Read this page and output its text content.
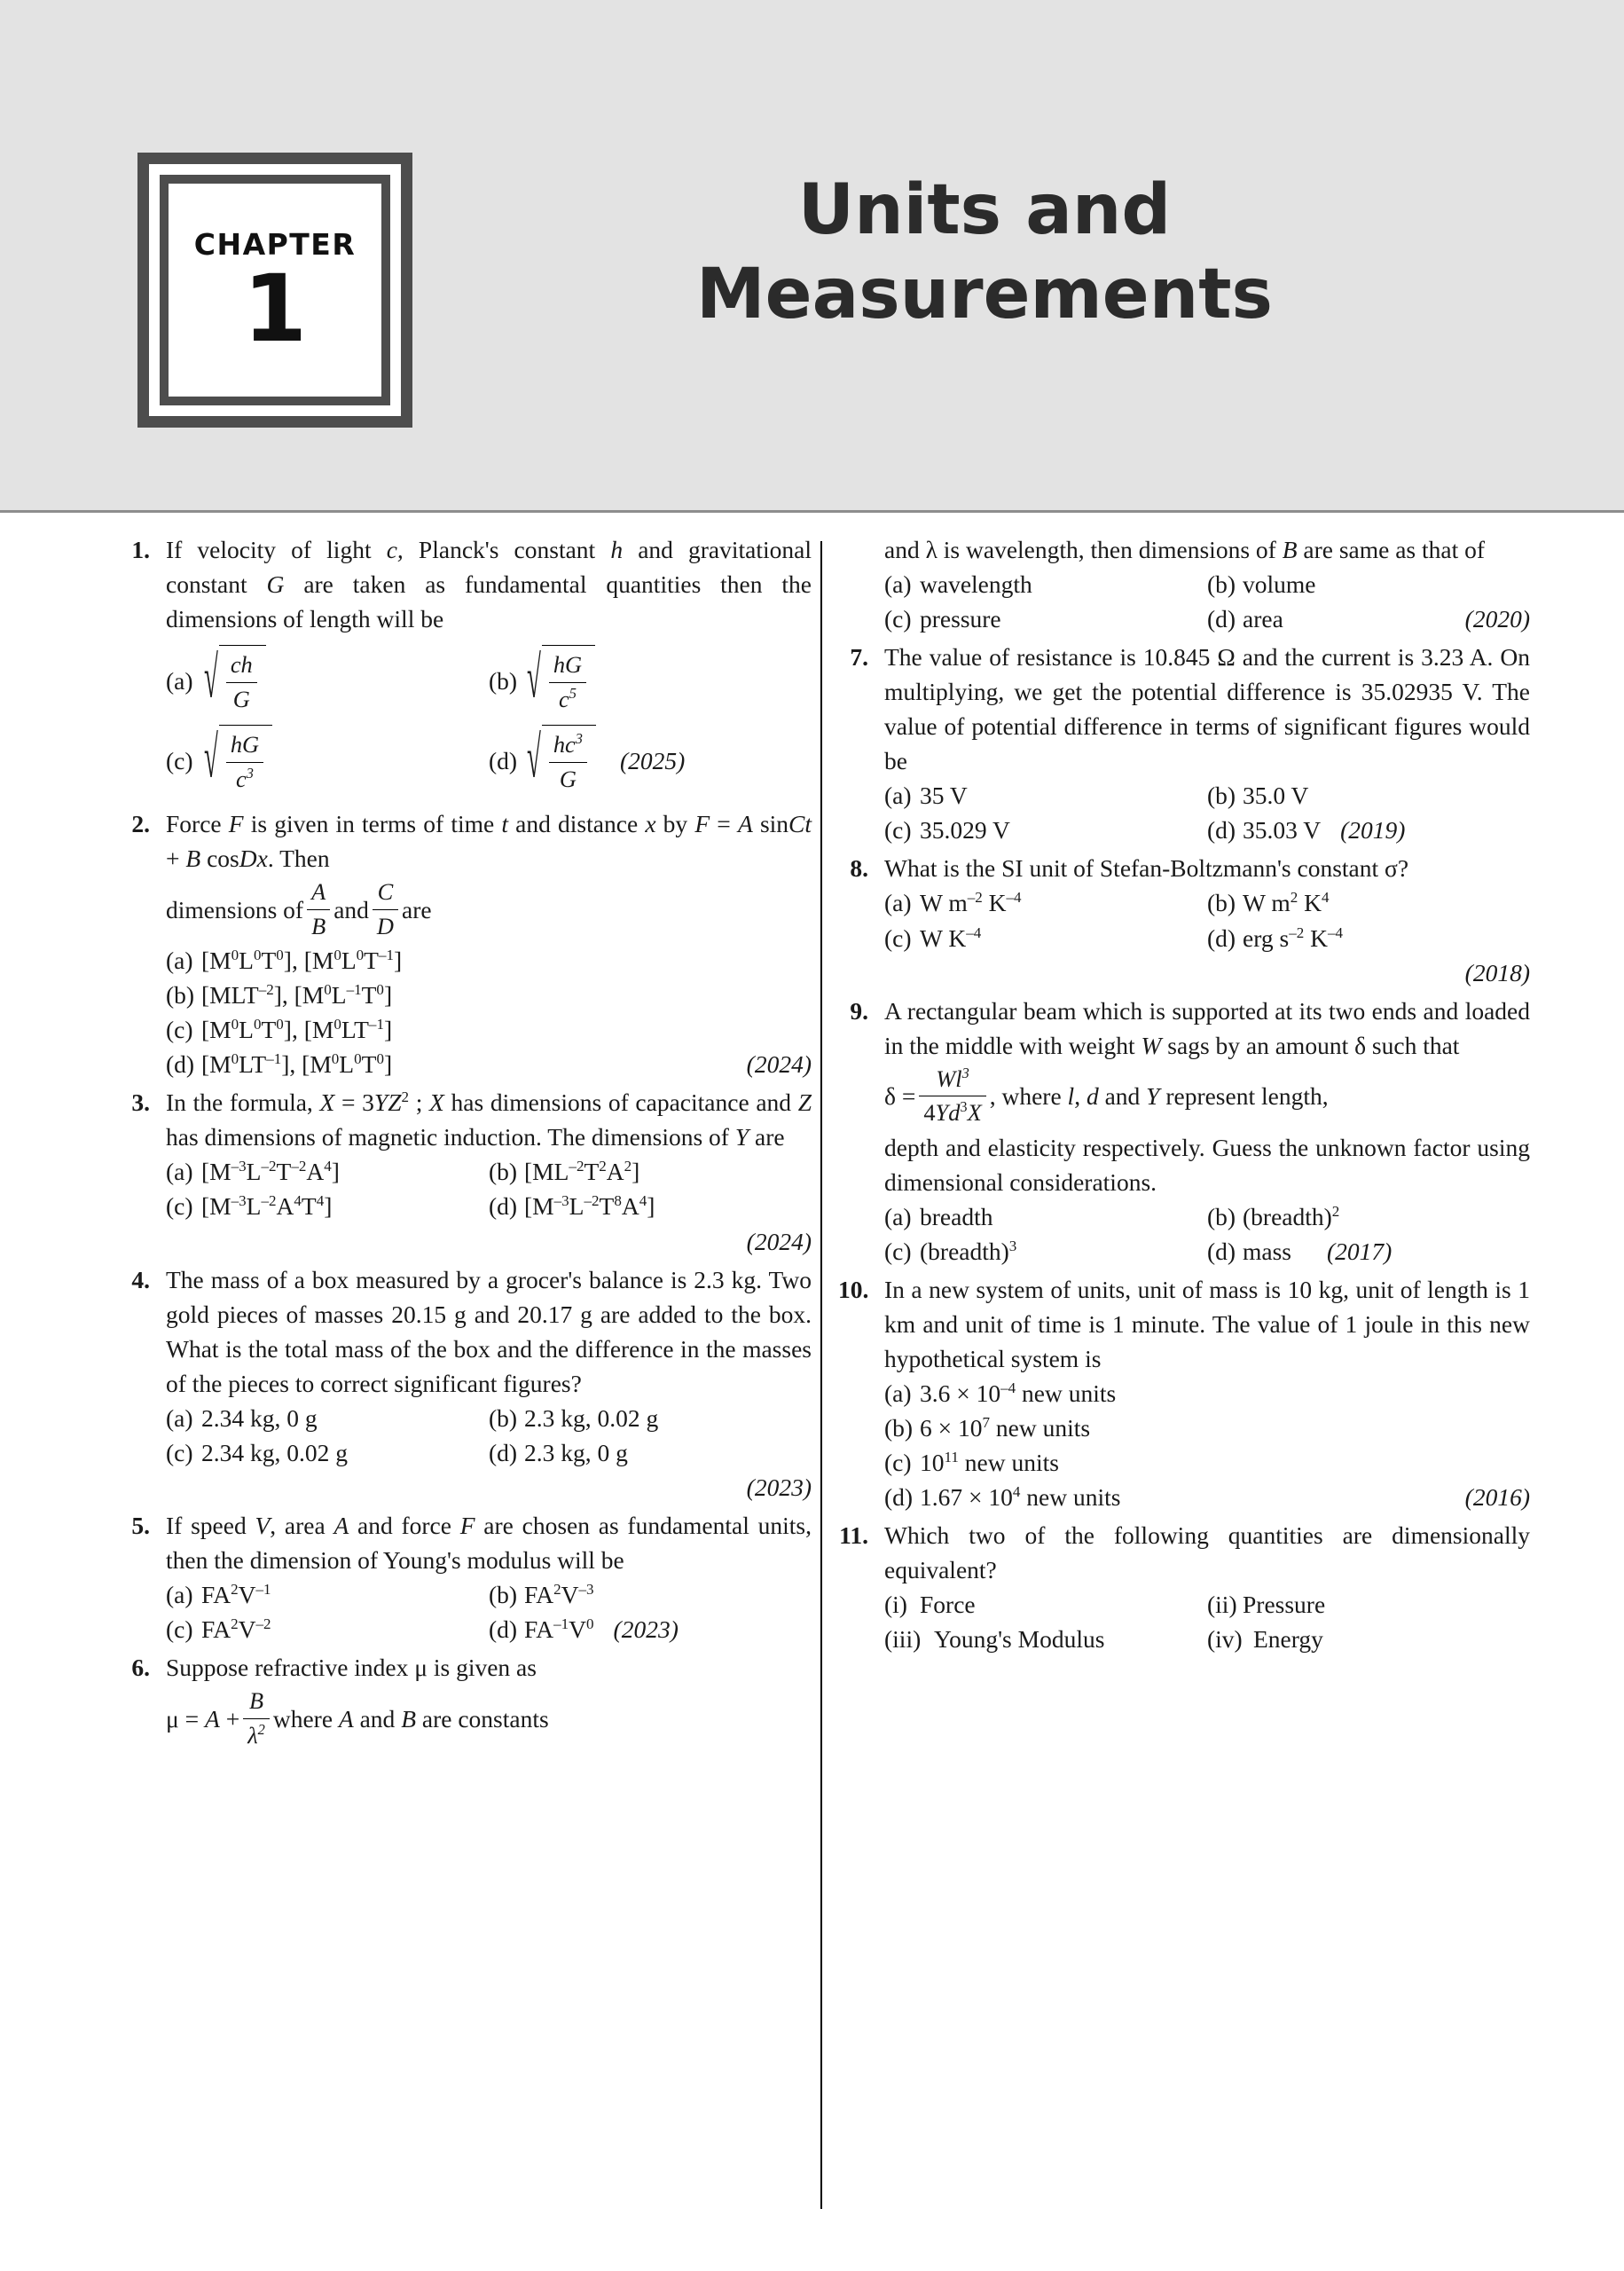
CHAPTER
1
Units and
Measurements
1. If velocity of light c, Planck's constant h and gravitational constant G are taken as fundamental quantities then the dimensions of length will be
(a) √ $\frac{ch}{G}$	(b) √ $\frac{hG}{c^5}$
(c) √ $\frac{hG}{c^3}$	(d) √ $\frac{hc^3}{G} (2025)$
2. Force F is given in terms of time t and distance x by F = A sinCt + B cosDx. Then
dimensions of $\frac{A}{B}$ and $\frac{C}{D}$ are
(a) $[M^0L^0T^0]$, $[M^0L^0T^{-1}]$
(b) $[MLT^{-2}]$, $[M^0L^{-1}T^0]$
(c) $[M^0L^0T^0]$, $[M^0LT^{-1}]$
(d) $[M^0LT^{-1}]$, $[M^0L^0T^0]$	(2024)
3. In the formula, $X = 3YZ^2$ ; X has dimensions of capacitance and Z has dimensions of magnetic induction. The dimensions of Y are
(a) $[M^{-3}L^{-2}T^{-2}A^4]$	(b) $[ML^{-2}T^2A^2]$
(c) $[M^{-3}L^{-2}A^4T^4]$	(d) $[M^{-3}L^{-2}T^8A^4]$
(2024)
4. The mass of a box measured by a grocer's balance is 2.3 kg. Two gold pieces of masses 20.15 g and 20.17 g are added to the box. What is the total mass of the box and the difference in the masses of the pieces to correct significant figures?
(a) 2.34 kg, 0 g	(b) 2.3 kg, 0.02 g
(c) 2.34 kg, 0.02 g	(d) 2.3 kg, 0 g
(2023)
5. If speed V, area A and force F are chosen as fundamental units, then the dimension of Young's modulus will be
(a) $FA^2V^{-1}$	(b) $FA^2V^{-3}$
(c) $FA^2V^{-2}$	(d) $FA^{-1}V^0$ (2023)
6. Suppose refractive index μ is given as
$\mu = A + \frac{B}{\lambda^2}$ where A and B are constants
and λ is wavelength, then dimensions of B are same as that of
(a) wavelength	(b) volume
(c) pressure	(d) area	(2020)
7. The value of resistance is 10.845 Ω and the current is 3.23 A. On multiplying, we get the potential difference is 35.02935 V. The value of potential difference in terms of significant figures would be
(a) 35 V	(b) 35.0 V
(c) 35.029 V	(d) 35.03 V (2019)
8. What is the SI unit of Stefan-Boltzmann's constant σ?
(a) W $m^{-2}$ $K^{-4}$	(b) W $m^2$ $K^4$
(c) W $K^{-4}$	(d) erg $s^{-2}$ $K^{-4}$
(2018)
9. A rectangular beam which is supported at its two ends and loaded in the middle with weight W sags by an amount δ such that
$\delta = \frac{Wl^3}{4Yd^3X}$ , where l, d and Y represent length,
depth and elasticity respectively. Guess the unknown factor using dimensional considerations.
(a) breadth	(b) (breadth)$^2$
(c) (breadth)$^3$	(d) mass (2017)
10. In a new system of units, unit of mass is 10 kg, unit of length is 1 km and unit of time is 1 minute. The value of 1 joule in this new hypothetical system is
(a) $3.6 \times 10^{-4}$ new units
(b) $6 \times 10^7$ new units
(c) $10^{11}$ new units
(d) $1.67 \times 10^4$ new units	(2016)
11. Which two of the following quantities are dimensionally equivalent?
(i) Force	(ii) Pressure
(iii) Young's Modulus	(iv) Energy
